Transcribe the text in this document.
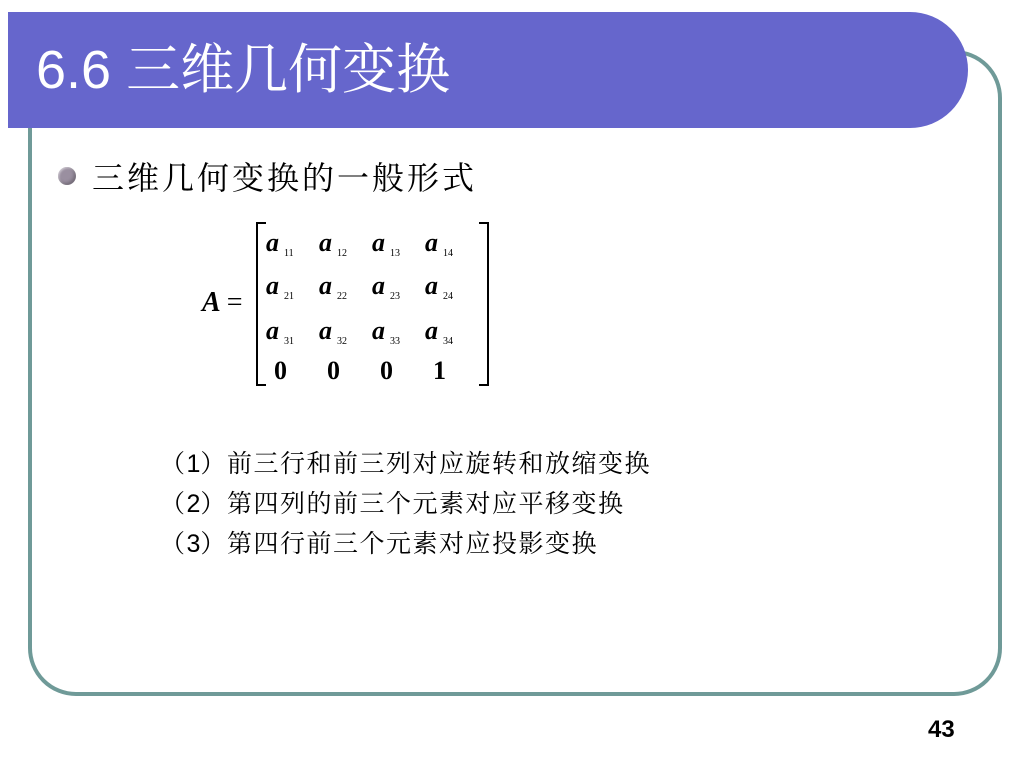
6.6 三维几何变换
三维几何变换的一般形式
A =
a $_{11}$ a $_{12}$ a $_{13}$ a $_{14}$
a $_{21}$ a $_{22}$ a $_{23}$ a $_{24}$
a $_{31}$ a $_{32}$ a $_{33}$ a $_{34}$
0 0 0 1
（1）前三行和前三列对应旋转和放缩变换
（2）第四列的前三个元素对应平移变换
（3）第四行前三个元素对应投影变换
43
